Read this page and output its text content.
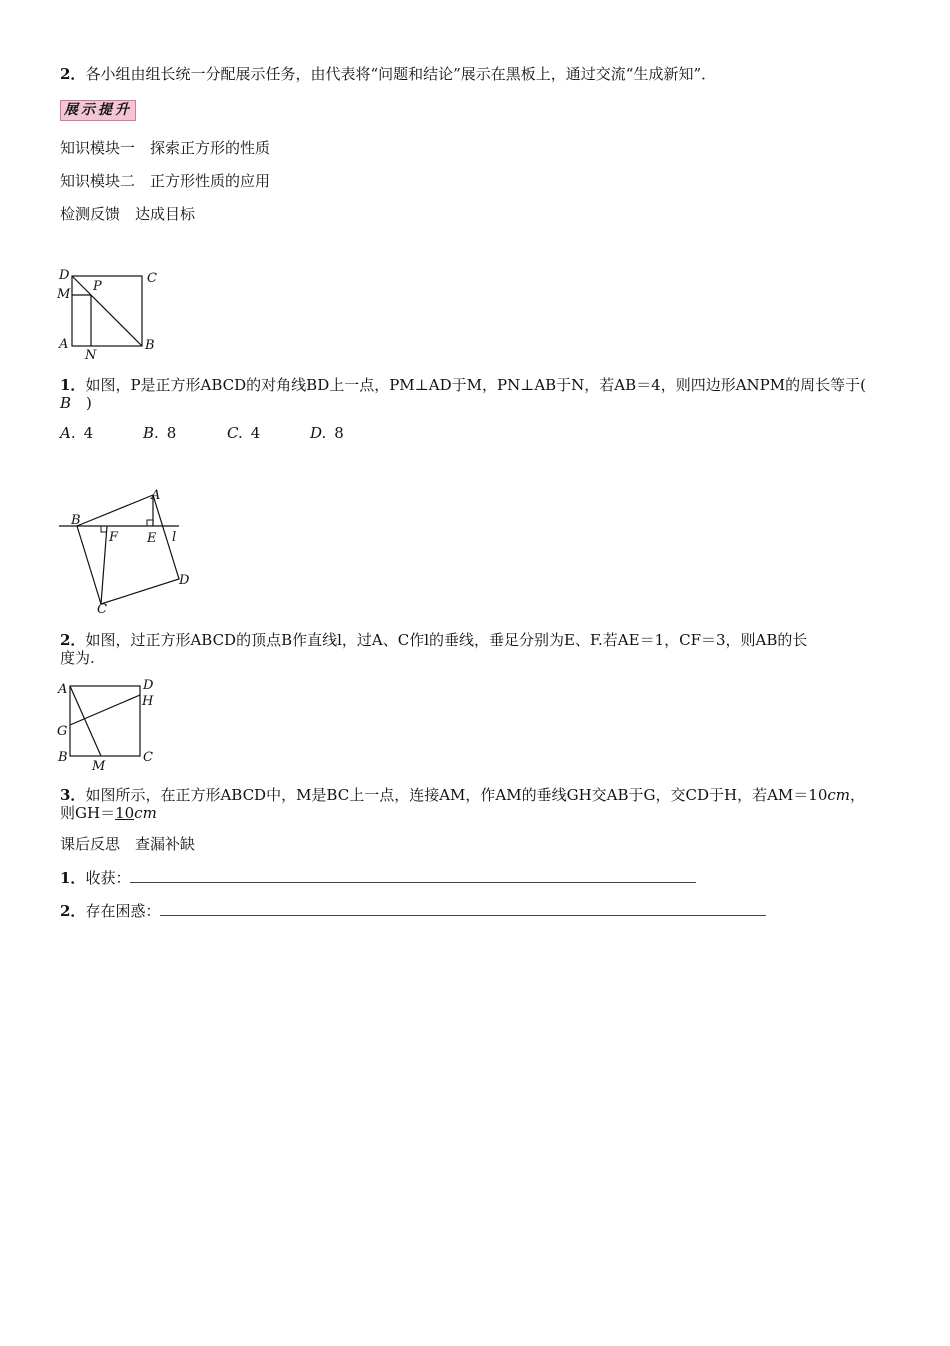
2．各小组由组长统一分配展示任务，由代表将“问题和结论”展示在黑板上，通过交流“生成新知”．
展示提升
知识模块一　探索正方形的性质
知识模块二　正方形性质的应用
检测反馈　达成目标
D	C
M
P
A
N
B
1．如图，P是正方形ABCD的对角线BD上一点，PM⊥AD于M，PN⊥AB于N，若AB＝4，则四边形ANPM的周长等于(
B　 )
A. 4	B. 8	C. 4	D. 8
A
B
F E l
D
C
2．如图，过正方形ABCD的顶点B作直线l，过A、C作l的垂线，垂足分别为E、F.若AE＝1，CF＝3，则AB的长
度为.
A	D
H
G
B	C
M
3．如图所示，在正方形ABCD中，M是BC上一点，连接AM，作AM的垂线GH交AB于G，交CD于H，若AM＝10cm，
则GH＝10cm
课后反思　查漏补缺
1．收获：
2．存在困惑：
